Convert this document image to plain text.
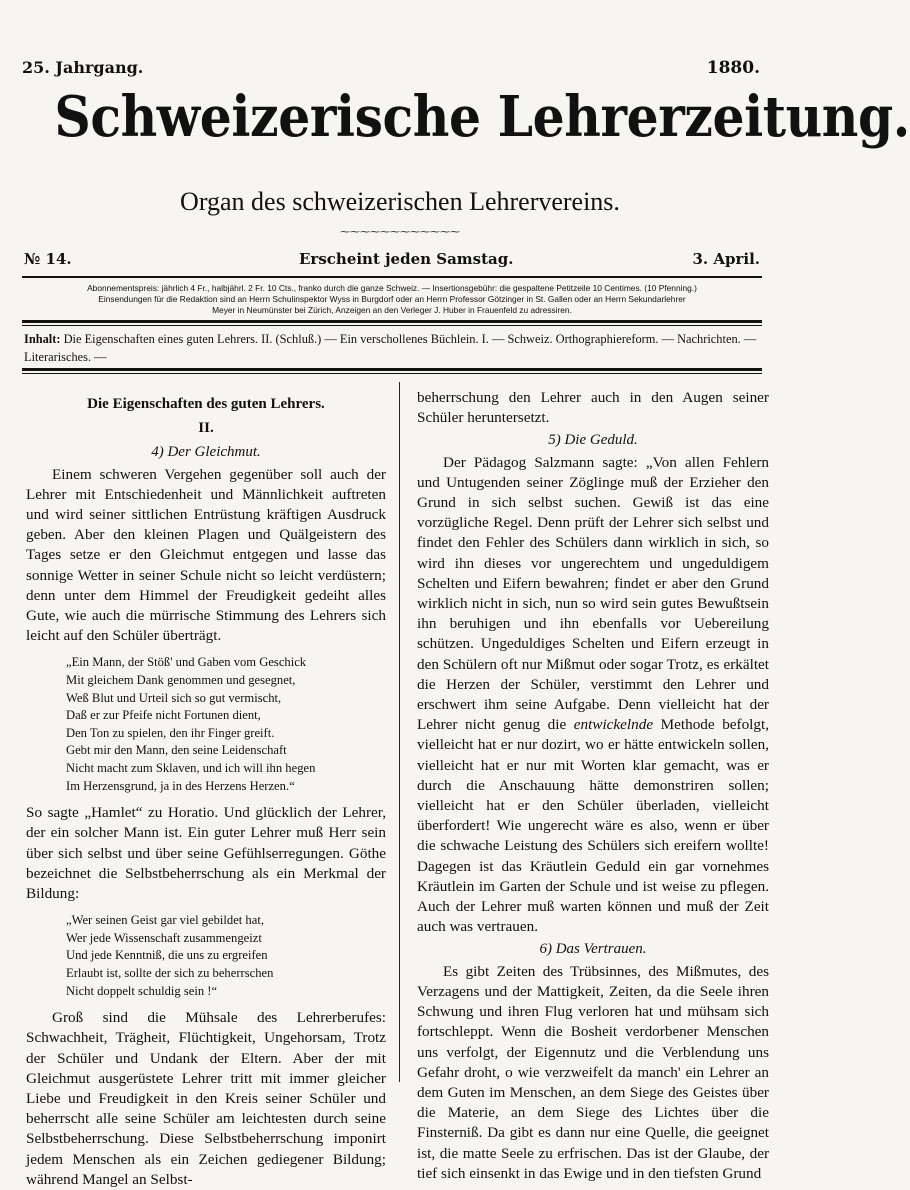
25. Jahrgang.	1880.
Schweizerische Lehrerzeitung.
Organ des schweizerischen Lehrervereins.
⁓⁓⁓⁓⁓⁓⁓⁓⁓⁓⁓⁓
№ 14.	Erscheint jeden Samstag.	3. April.

Abonnementspreis: jährlich 4 Fr., halbjährl. 2 Fr. 10 Cts., franko durch die ganze Schweiz. — Insertionsgebühr: die gespaltene Petitzeile 10 Centimes. (10 Pfenning.)

Einsendungen für die Redaktion sind an Herrn Schulinspektor Wyss in Burgdorf oder an Herrn Professor Götzinger in St. Gallen oder an Herrn Sekundarlehrer

Meyer in Neumünster bei Zürich, Anzeigen an den Verleger J. Huber in Frauenfeld zu adressiren.

Inhalt: Die Eigenschaften eines guten Lehrers. II. (Schluß.) — Ein verschollenes Büchlein. I. — Schweiz. Orthographiereform. — Nachrichten. — Literarisches. —

Die Eigenschaften des guten Lehrers.

II.

4) Der Gleichmut.

Einem schweren Vergehen gegenüber soll auch der Lehrer mit Entschiedenheit und Männlichkeit auftreten und wird seiner sittlichen Entrüstung kräftigen Ausdruck geben. Aber den kleinen Plagen und Quälgeistern des Tages setze er den Gleichmut entgegen und lasse das sonnige Wetter in seiner Schule nicht so leicht verdüstern; denn unter dem Himmel der Freudigkeit gedeiht alles Gute, wie auch die mürrische Stimmung des Lehrers sich leicht auf den Schüler überträgt.

„Ein Mann, der Stöß' und Gaben vom Geschick
Mit gleichem Dank genommen und gesegnet,
Weß Blut und Urteil sich so gut vermischt,
Daß er zur Pfeife nicht Fortunen dient,
Den Ton zu spielen, den ihr Finger greift.
Gebt mir den Mann, den seine Leidenschaft
Nicht macht zum Sklaven, und ich will ihn hegen
Im Herzensgrund, ja in des Herzens Herzen.“

So sagte „Hamlet“ zu Horatio. Und glücklich der Lehrer, der ein solcher Mann ist. Ein guter Lehrer muß Herr sein über sich selbst und über seine Gefühlserregungen. Göthe bezeichnet die Selbstbeherrschung als ein Merkmal der Bildung:

„Wer seinen Geist gar viel gebildet hat,
Wer jede Wissenschaft zusammengeizt
Und jede Kenntniß, die uns zu ergreifen
Erlaubt ist, sollte der sich zu beherrschen
Nicht doppelt schuldig sein !“

Groß sind die Mühsale des Lehrerberufes: Schwachheit, Trägheit, Flüchtigkeit, Ungehorsam, Trotz der Schüler und Undank der Eltern. Aber der mit Gleichmut ausgerüstete Lehrer tritt mit immer gleicher Liebe und Freudigkeit in den Kreis seiner Schüler und beherrscht alle seine Schüler am leichtesten durch seine Selbstbeherrschung. Diese Selbstbeherrschung imponirt jedem Menschen als ein Zeichen gediegener Bildung; während Mangel an Selbst-

beherrschung den Lehrer auch in den Augen seiner Schüler heruntersetzt.

5) Die Geduld.

Der Pädagog Salzmann sagte: „Von allen Fehlern und Untugenden seiner Zöglinge muß der Erzieher den Grund in sich selbst suchen. Gewiß ist das eine vorzügliche Regel. Denn prüft der Lehrer sich selbst und findet den Fehler des Schülers dann wirklich in sich, so wird ihn dieses vor ungerechtem und ungeduldigem Schelten und Eifern bewahren; findet er aber den Grund wirklich nicht in sich, nun so wird sein gutes Bewußtsein ihn beruhigen und ihn ebenfalls vor Uebereilung schützen. Ungeduldiges Schelten und Eifern erzeugt in den Schülern oft nur Mißmut oder sogar Trotz, es erkältet die Herzen der Schüler, verstimmt den Lehrer und erschwert ihm seine Aufgabe. Denn vielleicht hat der Lehrer nicht genug die entwickelnde Methode befolgt, vielleicht hat er nur dozirt, wo er hätte entwickeln sollen, vielleicht hat er nur mit Worten klar gemacht, was er durch die Anschauung hätte demonstriren sollen; vielleicht hat er den Schüler überladen, vielleicht überfordert! Wie ungerecht wäre es also, wenn er über die schwache Leistung des Schülers sich ereifern wollte! Dagegen ist das Kräutlein Geduld ein gar vornehmes Kräutlein im Garten der Schule und ist weise zu pflegen. Auch der Lehrer muß warten können und muß der Zeit auch was vertrauen.

6) Das Vertrauen.

Es gibt Zeiten des Trübsinnes, des Mißmutes, des Verzagens und der Mattigkeit, Zeiten, da die Seele ihren Schwung und ihren Flug verloren hat und mühsam sich fortschleppt. Wenn die Bosheit verdorbener Menschen uns verfolgt, der Eigennutz und die Verblendung uns Gefahr droht, o wie verzweifelt da manch' ein Lehrer an dem Guten im Menschen, an dem Siege des Geistes über die Materie, an dem Siege des Lichtes über die Finsterniß. Da gibt es dann nur eine Quelle, die geeignet ist, die matte Seele zu erfrischen. Das ist der Glaube, der tief sich einsenkt in das Ewige und in den tiefsten Grund
